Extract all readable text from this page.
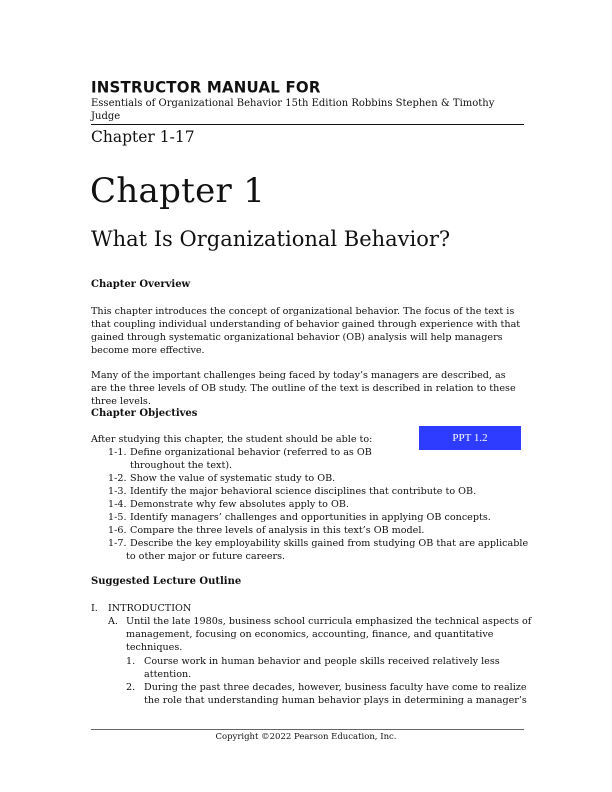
INSTRUCTOR MANUAL FOR
Essentials of Organizational Behavior 15th Edition Robbins Stephen & Timothy Judge
Chapter 1-17
Chapter 1
What Is Organizational Behavior?
Chapter Overview
This chapter introduces the concept of organizational behavior. The focus of the text is that coupling individual understanding of behavior gained through experience with that gained through systematic organizational behavior (OB) analysis will help managers become more effective.
Many of the important challenges being faced by today’s managers are described, as are the three levels of OB study. The outline of the text is described in relation to these three levels.
Chapter Objectives
After studying this chapter, the student should be able to:	PPT 1.2
1-1. Define organizational behavior (referred to as OB
throughout the text).
1-2. Show the value of systematic study to OB.
1-3. Identify the major behavioral science disciplines that contribute to OB.
1-4. Demonstrate why few absolutes apply to OB.
1-5. Identify managers’ challenges and opportunities in applying OB concepts.
1-6. Compare the three levels of analysis in this text’s OB model.
1-7. Describe the key employability skills gained from studying OB that are applicable
to other major or future careers.
Suggested Lecture Outline
I. INTRODUCTION
A. Until the late 1980s, business school curricula emphasized the technical aspects of
management, focusing on economics, accounting, finance, and quantitative
techniques.
1. Course work in human behavior and people skills received relatively less
attention.
2. During the past three decades, however, business faculty have come to realize
the role that understanding human behavior plays in determining a manager’s
Copyright ©2022 Pearson Education, Inc.
